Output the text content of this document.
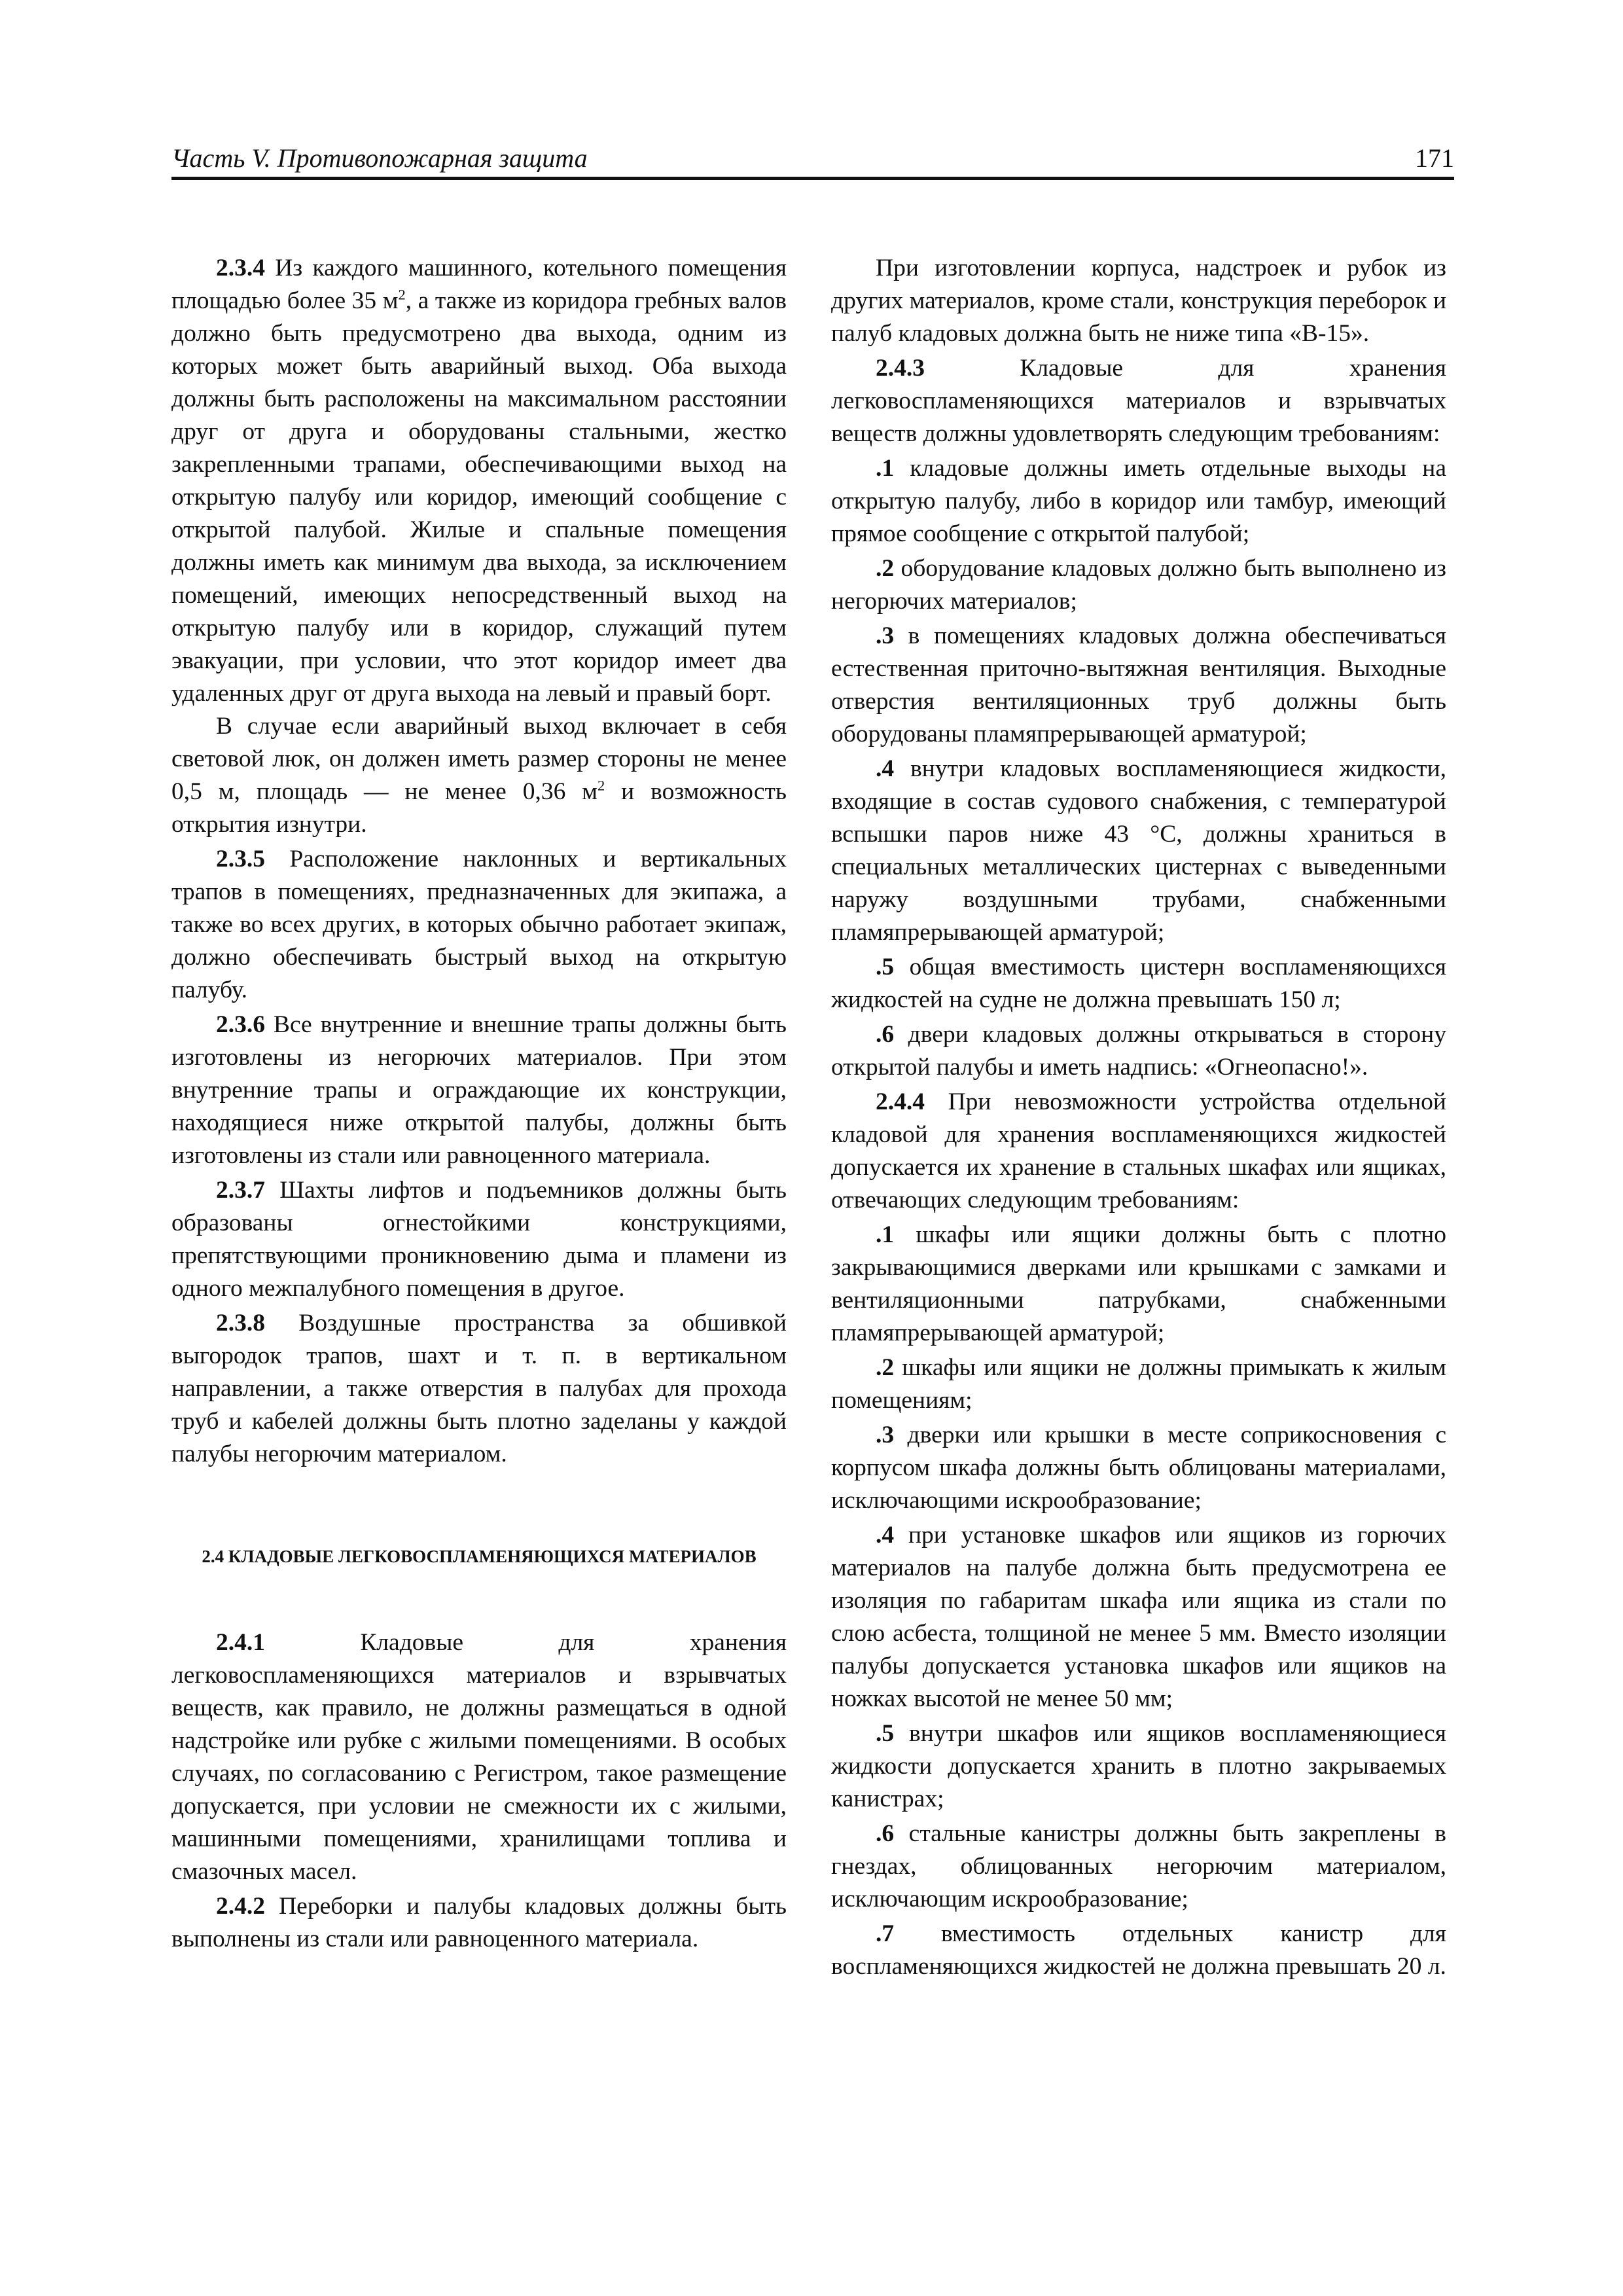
Часть V. Противопожарная защита	171

2.3.4 Из каждого машинного, котельного помещения площадью более 35 $м^2$, а также из коридора гребных валов должно быть предусмотрено два выхода, одним из которых может быть аварийный выход. Оба выхода должны быть расположены на максимальном расстоянии друг от друга и оборудованы стальными, жестко закрепленными трапами, обеспечивающими выход на открытую палубу или коридор, имеющий сообщение с открытой палубой. Жилые и спальные помещения должны иметь как минимум два выхода, за исключением помещений, имеющих непосредственный выход на открытую палубу или в коридор, служащий путем эвакуации, при условии, что этот коридор имеет два удаленных друг от друга выхода на левый и правый борт.

В случае если аварийный выход включает в себя световой люк, он должен иметь размер стороны не менее 0,5 м, площадь — не менее 0,36 $м^2$ и возможность открытия изнутри.

2.3.5 Расположение наклонных и вертикальных трапов в помещениях, предназначенных для экипажа, а также во всех других, в которых обычно работает экипаж, должно обеспечивать быстрый выход на открытую палубу.

2.3.6 Все внутренние и внешние трапы должны быть изготовлены из негорючих материалов. При этом внутренние трапы и ограждающие их конструкции, находящиеся ниже открытой палубы, должны быть изготовлены из стали или равноценного материала.

2.3.7 Шахты лифтов и подъемников должны быть образованы огнестойкими конструкциями, препятствующими проникновению дыма и пламени из одного межпалубного помещения в другое.

2.3.8 Воздушные пространства за обшивкой выгородок трапов, шахт и т. п. в вертикальном направлении, а также отверстия в палубах для прохода труб и кабелей должны быть плотно заделаны у каждой палубы негорючим материалом.

2.4 КЛАДОВЫЕ ЛЕГКОВОСПЛАМЕНЯЮЩИХСЯ МАТЕРИАЛОВ

2.4.1 Кладовые для хранения легковоспламеняющихся материалов и взрывчатых веществ, как правило, не должны размещаться в одной надстройке или рубке с жилыми помещениями. В особых случаях, по согласованию с Регистром, такое размещение допускается, при условии не смежности их с жилыми, машинными помещениями, хранилищами топлива и смазочных масел.

2.4.2 Переборки и палубы кладовых должны быть выполнены из стали или равноценного материала.

При изготовлении корпуса, надстроек и рубок из других материалов, кроме стали, конструкция переборок и палуб кладовых должна быть не ниже типа «В-15».

2.4.3 Кладовые для хранения легковоспламеняющихся материалов и взрывчатых веществ должны удовлетворять следующим требованиям:

.1 кладовые должны иметь отдельные выходы на открытую палубу, либо в коридор или тамбур, имеющий прямое сообщение с открытой палубой;

.2 оборудование кладовых должно быть выполнено из негорючих материалов;

.3 в помещениях кладовых должна обеспечиваться естественная приточно-вытяжная вентиляция. Выходные отверстия вентиляционных труб должны быть оборудованы пламяпрерывающей арматурой;

.4 внутри кладовых воспламеняющиеся жидкости, входящие в состав судового снабжения, с температурой вспышки паров ниже 43 °С, должны храниться в специальных металлических цистернах с выведенными наружу воздушными трубами, снабженными пламяпрерывающей арматурой;

.5 общая вместимость цистерн воспламеняющихся жидкостей на судне не должна превышать 150 л;

.6 двери кладовых должны открываться в сторону открытой палубы и иметь надпись: «Огнеопасно!».

2.4.4 При невозможности устройства отдельной кладовой для хранения воспламеняющихся жидкостей допускается их хранение в стальных шкафах или ящиках, отвечающих следующим требованиям:

.1 шкафы или ящики должны быть с плотно закрывающимися дверками или крышками с замками и вентиляционными патрубками, снабженными пламяпрерывающей арматурой;

.2 шкафы или ящики не должны примыкать к жилым помещениям;

.3 дверки или крышки в месте соприкосновения с корпусом шкафа должны быть облицованы материалами, исключающими искрообразование;

.4 при установке шкафов или ящиков из горючих материалов на палубе должна быть предусмотрена ее изоляция по габаритам шкафа или ящика из стали по слою асбеста, толщиной не менее 5 мм. Вместо изоляции палубы допускается установка шкафов или ящиков на ножках высотой не менее 50 мм;

.5 внутри шкафов или ящиков воспламеняющиеся жидкости допускается хранить в плотно закрываемых канистрах;

.6 стальные канистры должны быть закреплены в гнездах, облицованных негорючим материалом, исключающим искрообразование;

.7 вместимость отдельных канистр для воспламеняющихся жидкостей не должна превышать 20 л.
